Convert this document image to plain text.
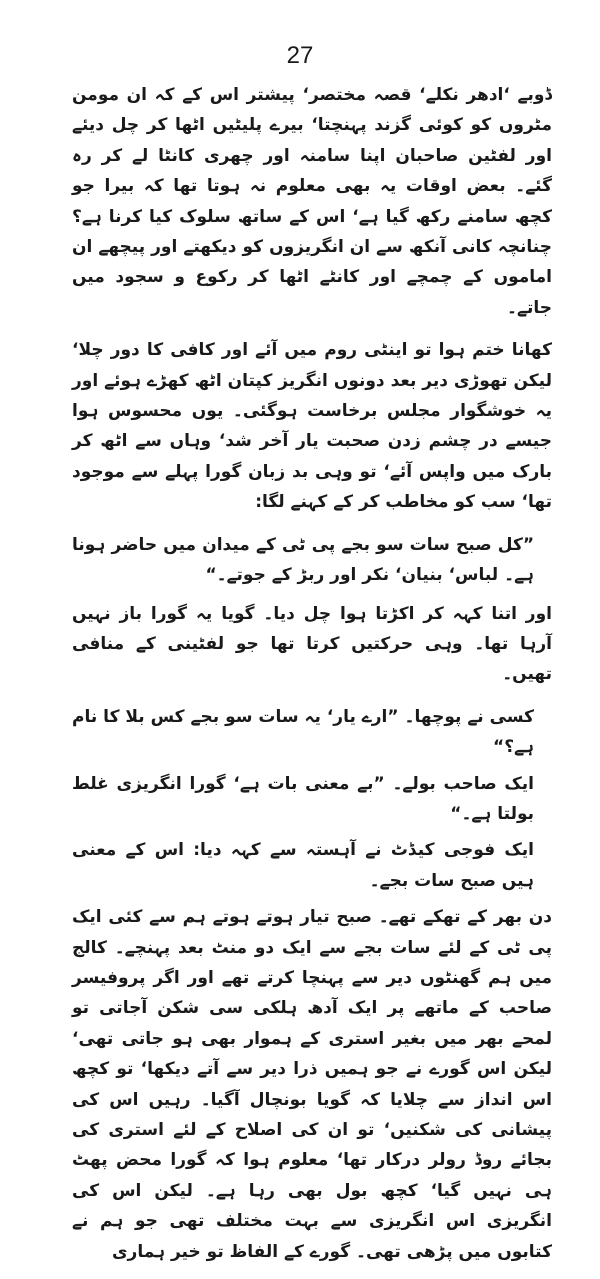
27

ڈوبے ‘ادھر نکلے‘ قصہ مختصر‘ پیشتر اس کے کہ ان مومن مٹروں کو کوئی گزند پہنچتا‘ بیرے پلیٹیں اٹھا کر چل دیئے اور لفٹین صاحبان اپنا سامنہ اور چھری کانٹا لے کر رہ گئے۔ بعض اوقات یہ بھی معلوم نہ ہوتا تھا کہ بیرا جو کچھ سامنے رکھ گیا ہے‘ اس کے ساتھ سلوک کیا کرنا ہے؟ چنانچہ کانی آنکھ سے ان انگریزوں کو دیکھتے اور پیچھے ان اماموں کے چمچے اور کانٹے اٹھا کر رکوع و سجود میں جاتے۔

کھانا ختم ہوا تو اینٹی روم میں آئے اور کافی کا دور چلا‘ لیکن تھوڑی دیر بعد دونوں انگریز کپتان اٹھ کھڑے ہوئے اور یہ خوشگوار مجلس برخاست ہوگئی۔ یوں محسوس ہوا جیسے در چشم زدن صحبت یار آخر شد‘ وہاں سے اٹھ کر بارک میں واپس آئے‘ تو وہی بد زبان گورا پہلے سے موجود تھا‘ سب کو مخاطب کر کے کہنے لگا:

”کل صبح سات سو بجے پی ٹی کے میدان میں حاضر ہونا ہے۔ لباس‘ بنیان‘ نکر اور ربڑ کے جوتے۔“

اور اتنا کہہ کر اکڑتا ہوا چل دیا۔ گویا یہ گورا باز نہیں آرہا تھا۔ وہی حرکتیں کرتا تھا جو لفٹینی کے منافی تھیں۔

کسی نے پوچھا۔ ”ارے یار‘ یہ سات سو بجے کس بلا کا نام ہے؟“

ایک صاحب بولے۔ ”بے معنی بات ہے‘ گورا انگریزی غلط بولتا ہے۔“

ایک فوجی کیڈٹ نے آہستہ سے کہہ دیا: اس کے معنی ہیں صبح سات بجے۔

دن بھر کے تھکے تھے۔ صبح تیار ہوتے ہوتے ہم سے کئی ایک پی ٹی کے لئے سات بجے سے ایک دو منٹ بعد پہنچے۔ کالج میں ہم گھنٹوں دیر سے پہنچا کرتے تھے اور اگر پروفیسر صاحب کے ماتھے پر ایک آدھ ہلکی سی شکن آجاتی تو لمحے بھر میں بغیر استری کے ہموار بھی ہو جاتی تھی‘ لیکن اس گورے نے جو ہمیں ذرا دیر سے آتے دیکھا‘ تو کچھ اس انداز سے چلایا کہ گویا بونچال آگیا۔ رہیں اس کی پیشانی کی شکنیں‘ تو ان کی اصلاح کے لئے استری کی بجائے روڈ رولر درکار تھا‘ معلوم ہوا کہ گورا محض پھٹ ہی نہیں گیا‘ کچھ بول بھی رہا ہے۔ لیکن اس کی انگریزی اس انگریزی سے بہت مختلف تھی جو ہم نے کتابوں میں پڑھی تھی۔ گورے کے الفاظ تو خیر ہماری
